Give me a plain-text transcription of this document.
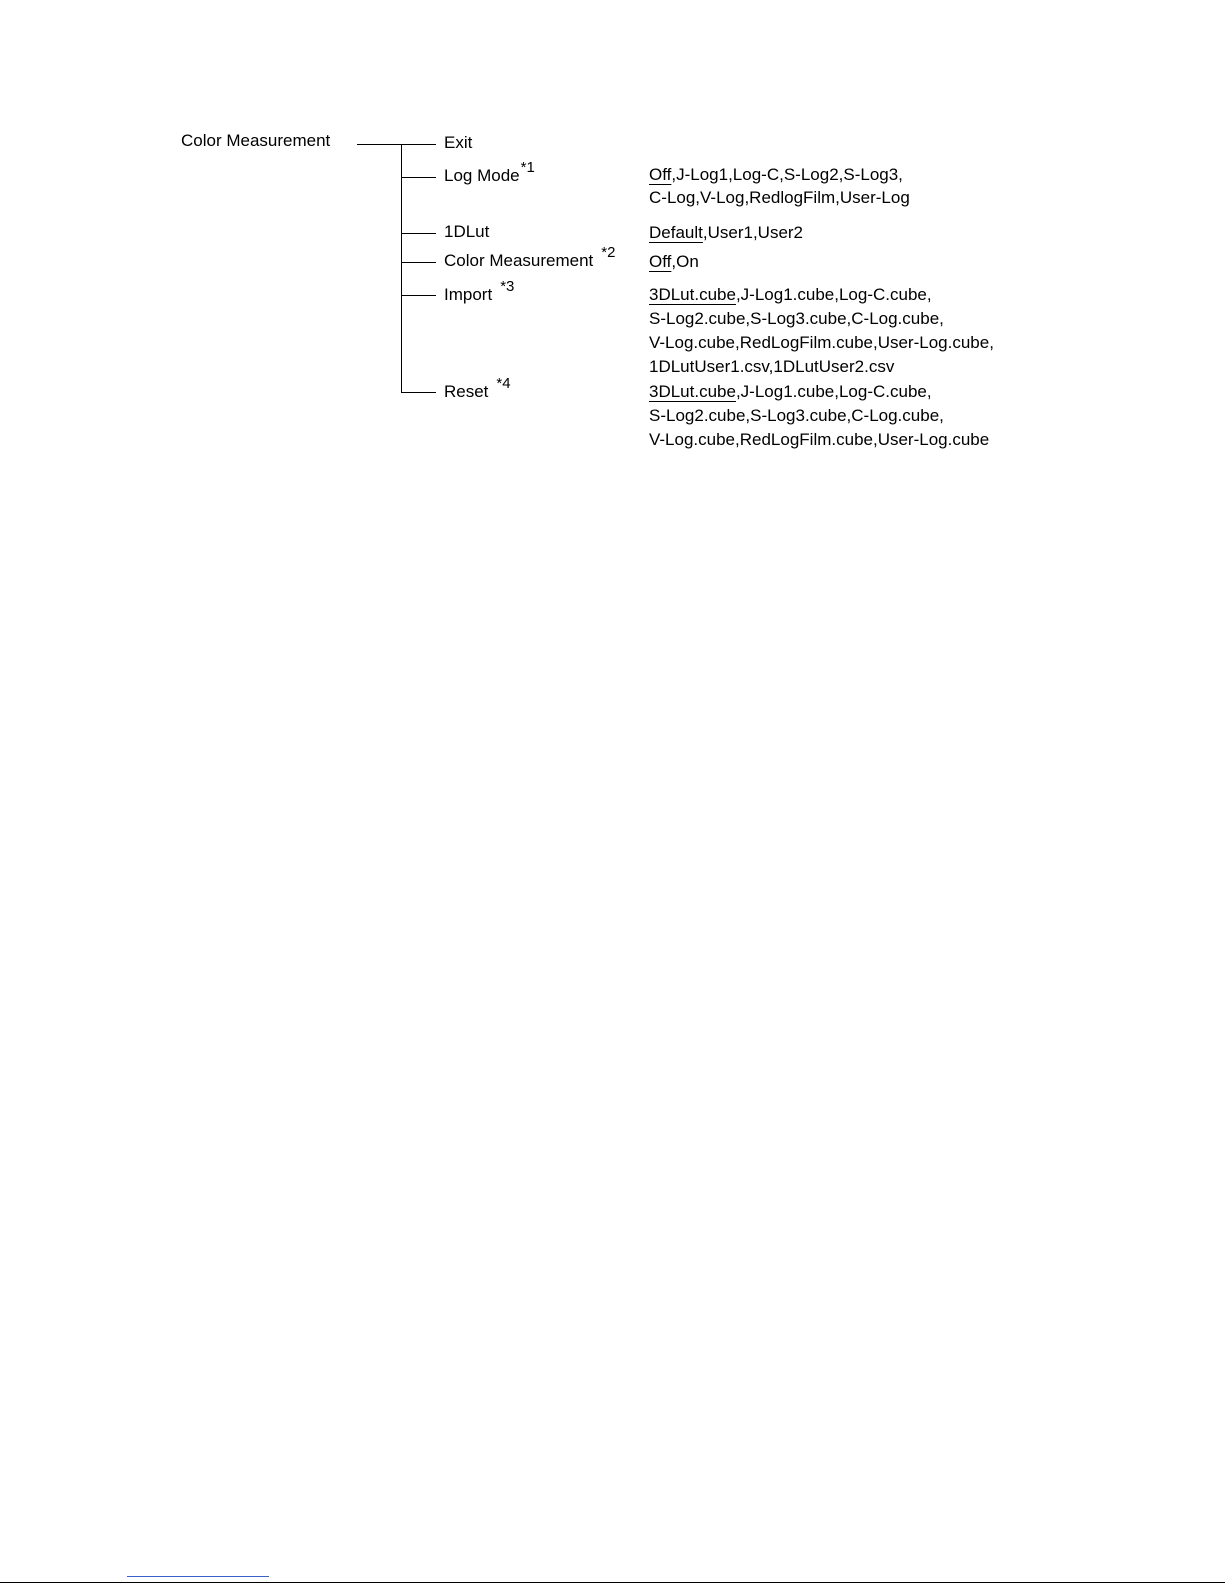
Color Measurement	Exit
Log Mode*1
1DLut
Color Measurement *2
Import *3
Reset *4
Off,J-Log1,Log-C,S-Log2,S-Log3,
C-Log,V-Log,RedlogFilm,User-Log
Default,User1,User2
Off,On
3DLut.cube,J-Log1.cube,Log-C.cube,
S-Log2.cube,S-Log3.cube,C-Log.cube,
V-Log.cube,RedLogFilm.cube,User-Log.cube,
1DLutUser1.csv,1DLutUser2.csv
3DLut.cube,J-Log1.cube,Log-C.cube,
S-Log2.cube,S-Log3.cube,C-Log.cube,
V-Log.cube,RedLogFilm.cube,User-Log.cube
